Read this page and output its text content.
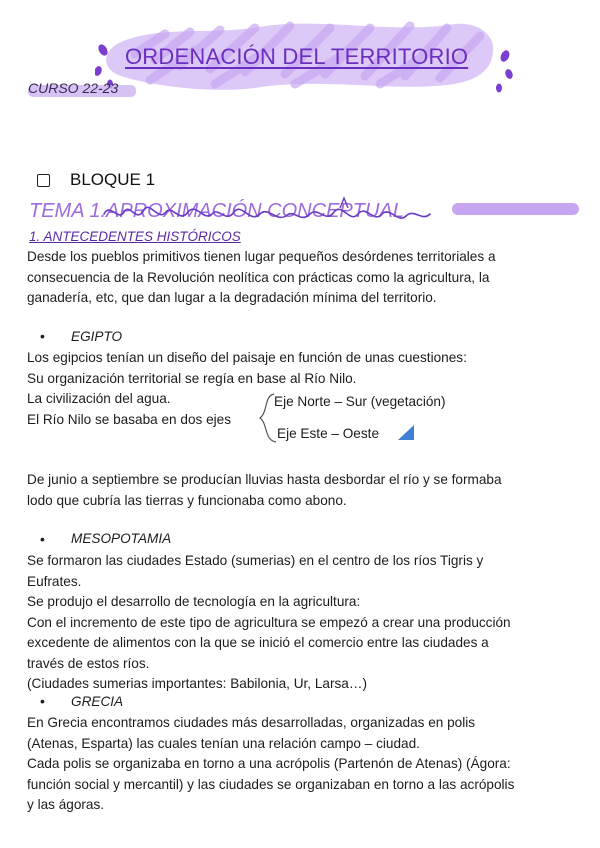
ORDENACIÓN DEL TERRITORIO
CURSO 22-23
BLOQUE 1
TEMA 1.APROXIMACIÓN CONCEPTUAL
1. ANTECEDENTES HISTÓRICOS
Desde los pueblos primitivos tienen lugar pequeños desórdenes territoriales a
consecuencia de la Revolución neolítica con prácticas como la agricultura, la
ganadería, etc, que dan lugar a la degradación mínima del territorio.
• EGIPTO
Los egipcios tenían un diseño del paisaje en función de unas cuestiones:
Su organización territorial se regía en base al Río Nilo.
La civilización del agua.
El Río Nilo se basaba en dos ejes
Eje Norte – Sur (vegetación)
Eje Este – Oeste
De junio a septiembre se producían lluvias hasta desbordar el río y se formaba
lodo que cubría las tierras y funcionaba como abono.
• MESOPOTAMIA
Se formaron las ciudades Estado (sumerias) en el centro de los ríos Tigris y
Eufrates.
Se produjo el desarrollo de tecnología en la agricultura:
Con el incremento de este tipo de agricultura se empezó a crear una producción
excedente de alimentos con la que se inició el comercio entre las ciudades a
través de estos ríos.
(Ciudades sumerias importantes: Babilonia, Ur, Larsa…)
• GRECIA
En Grecia encontramos ciudades más desarrolladas, organizadas en polis
(Atenas, Esparta) las cuales tenían una relación campo – ciudad.
Cada polis se organizaba en torno a una acrópolis (Partenón de Atenas) (Ágora:
función social y mercantil) y las ciudades se organizaban en torno a las acrópolis
y las ágoras.
